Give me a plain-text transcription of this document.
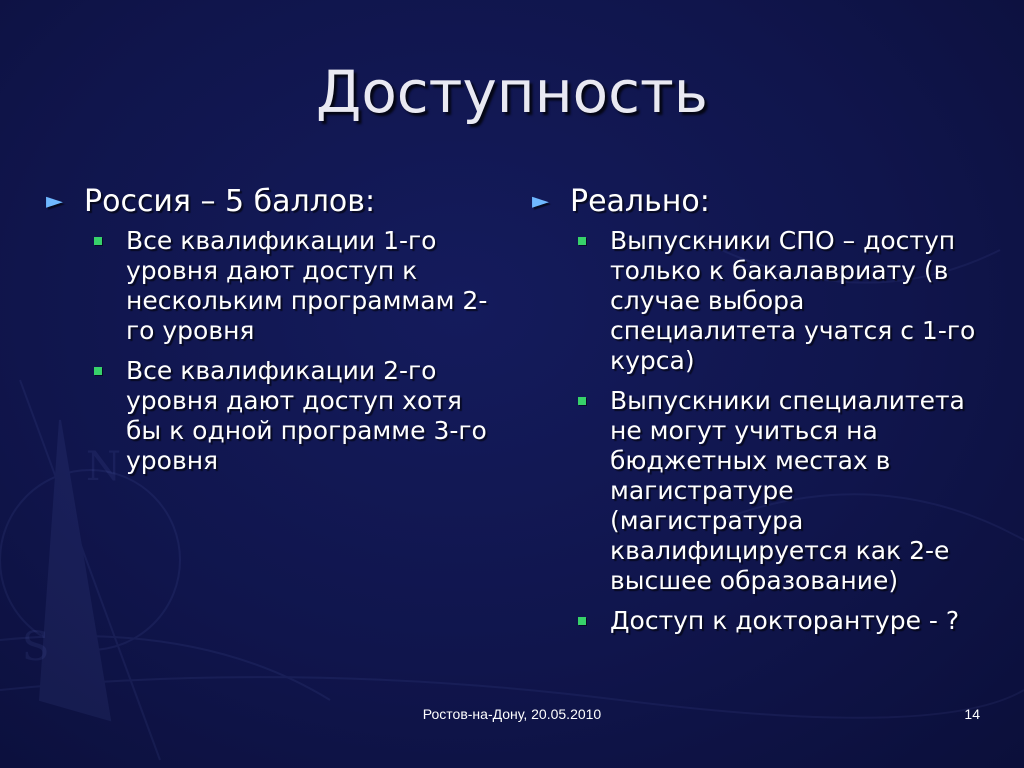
S
N
Доступность
► Россия – 5 баллов:
Все квалификации 1-го уровня дают доступ к нескольким программам 2-го уровня
Все квалификации 2-го уровня дают доступ хотя бы к одной программе 3-го уровня
► Реально:
Выпускники СПО – доступ только к бакалавриату (в случае выбора специалитета учатся с 1-го курса)
Выпускники специалитета не могут учиться на бюджетных местах в магистратуре (магистратура квалифицируется как 2-е высшее образование)
Доступ к докторантуре - ?
Ростов-на-Дону, 20.05.2010	14
